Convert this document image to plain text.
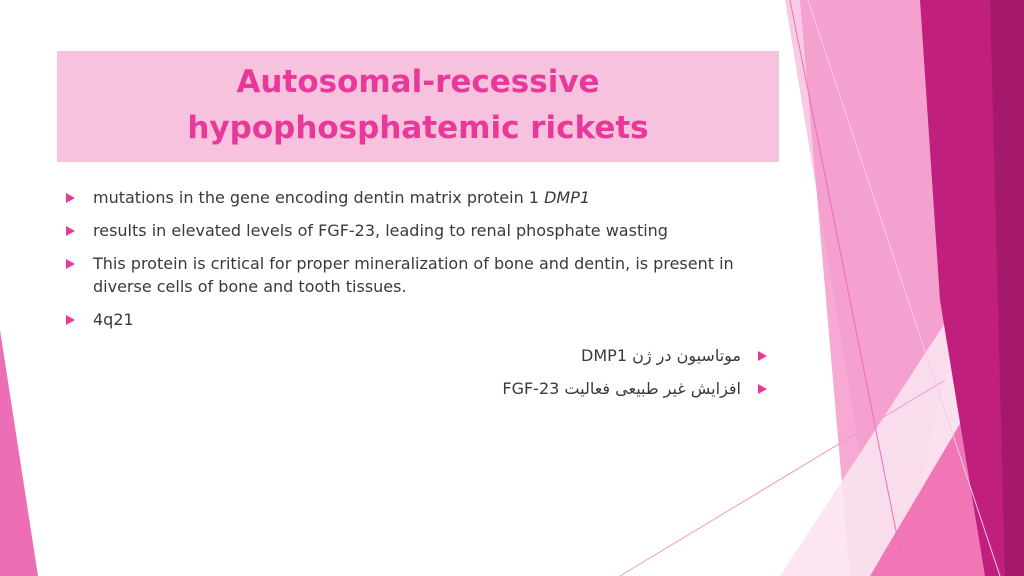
Autosomal-recessive
hypophosphatemic rickets
mutations in the gene encoding dentin matrix protein 1 DMP1
results in elevated levels of FGF-23, leading to renal phosphate wasting
This protein is critical for proper mineralization of bone and dentin, is present in diverse cells of bone and tooth tissues.
4q21
موتاسیون در ژن DMP1
افزایش غیر طبیعی فعالیت FGF-23
